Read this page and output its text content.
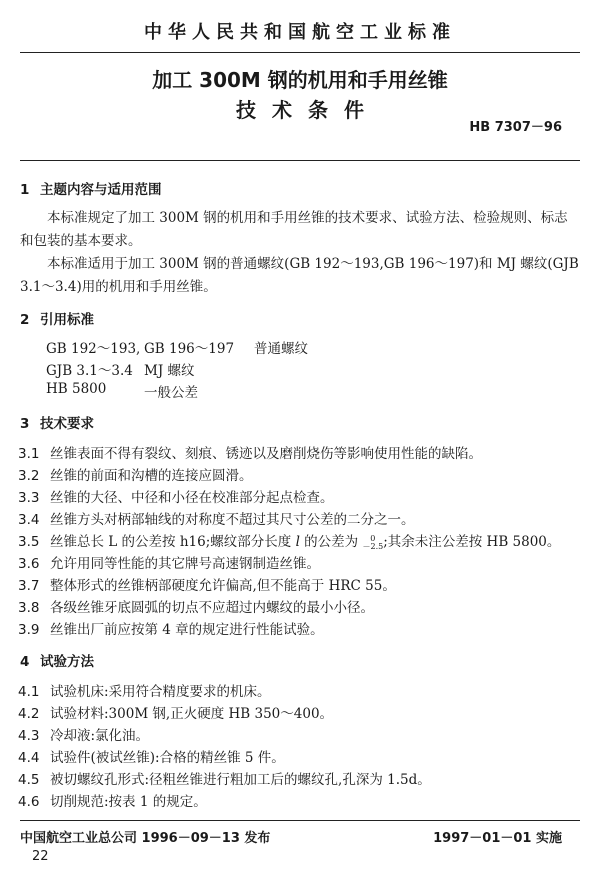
中华人民共和国航空工业标准
加工 300M 钢的机用和手用丝锥
技术条件
HB 7307－96
1 主题内容与适用范围
本标准规定了加工 300M 钢的机用和手用丝锥的技术要求、试验方法、检验规则、标志和包装的基本要求。
本标准适用于加工 300M 钢的普通螺纹(GB 192～193,GB 196～197)和 MJ 螺纹(GJB 3.1～3.4)用的机用和手用丝锥。
2 引用标准
GB 192～193, GB 196～197 普通螺纹
GJB 3.1～3.4 MJ 螺纹
HB 5800	一般公差
3 技术要求
3.1 丝锥表面不得有裂纹、刻痕、锈迹以及磨削烧伤等影响使用性能的缺陷。
3.2 丝锥的前面和沟槽的连接应圆滑。
3.3 丝锥的大径、中径和小径在校准部分起点检查。
3.4 丝锥方头对柄部轴线的对称度不超过其尺寸公差的二分之一。
3.5 丝锥总长 L 的公差按 h16;螺纹部分长度 l 的公差为 0
－2.5 ;其余未注公差按 HB 5800。
3.6 允许用同等性能的其它牌号高速钢制造丝锥。
3.7 整体形式的丝锥柄部硬度允许偏高,但不能高于 HRC 55。
3.8 各级丝锥牙底圆弧的切点不应超过内螺纹的最小小径。
3.9 丝锥出厂前应按第 4 章的规定进行性能试验。
4 试验方法
4.1 试验机床:采用符合精度要求的机床。
4.2 试验材料:300M 钢,正火硬度 HB 350～400。
4.3 冷却液:氯化油。
4.4 试验件(被试丝锥):合格的精丝锥 5 件。
4.5 被切螺纹孔形式:径粗丝锥进行粗加工后的螺纹孔,孔深为 1.5d。
4.6 切削规范:按表 1 的规定。
中国航空工业总公司 1996－09－13 发布	1997－01－01 实施
22
